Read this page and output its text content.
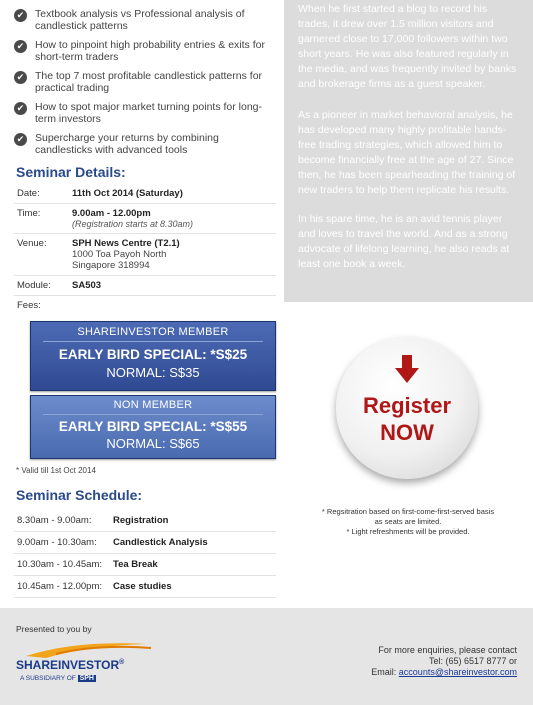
✔ Textbook analysis vs Professional analysis of candlestick patterns
✔ How to pinpoint high probability entries & exits for short-term traders
✔ The top 7 most profitable candlestick patterns for practical trading
✔ How to spot major market turning points for long-term investors
✔ Supercharge your returns by combining candlesticks with advanced tools
Seminar Details:
Date:	11th Oct 2014 (Saturday)
Time:	9.00am - 12.00pm
(Registration starts at 8.30am)
Venue:	SPH News Centre (T2.1)
1000 Toa Payoh North
Singapore 318994
Module:	SA503
Fees:
SHAREINVESTOR MEMBER
EARLY BIRD SPECIAL: *S$25
NORMAL: S$35
NON MEMBER
EARLY BIRD SPECIAL: *S$55
NORMAL: S$65
* Valid till 1st Oct 2014
Seminar Schedule:
8.30am - 9.00am:	Registration
9.00am - 10.30am:	Candlestick Analysis
10.30am - 10.45am:	Tea Break
10.45am - 12.00pm:	Case studies
When he first started a blog to record his trades, it drew over 1.5 million visitors and garnered close to 17,000 followers within two short years. He was also featured regularly in the media, and was frequently invited by banks and brokerage firms as a guest speaker.
As a pioneer in market behavioral analysis, he has developed many highly profitable hands-free trading strategies, which allowed him to become financially free at the age of 27. Since then, he has been spearheading the training of new traders to help them replicate his results.
In his spare time, he is an avid tennis player and loves to travel the world. And as a strong advocate of lifelong learning, he also reads at least one book a week.
Register
NOW
* Regsitration based on first-come-first-served basis
as seats are limited.
* Light refreshments will be provided.
Presented to you by
SHAREINVESTOR®
A SUBSIDIARY OF SPH
For more enquiries, please contact
Tel: (65) 6517 8777 or
Email: accounts@shareinvestor.com
